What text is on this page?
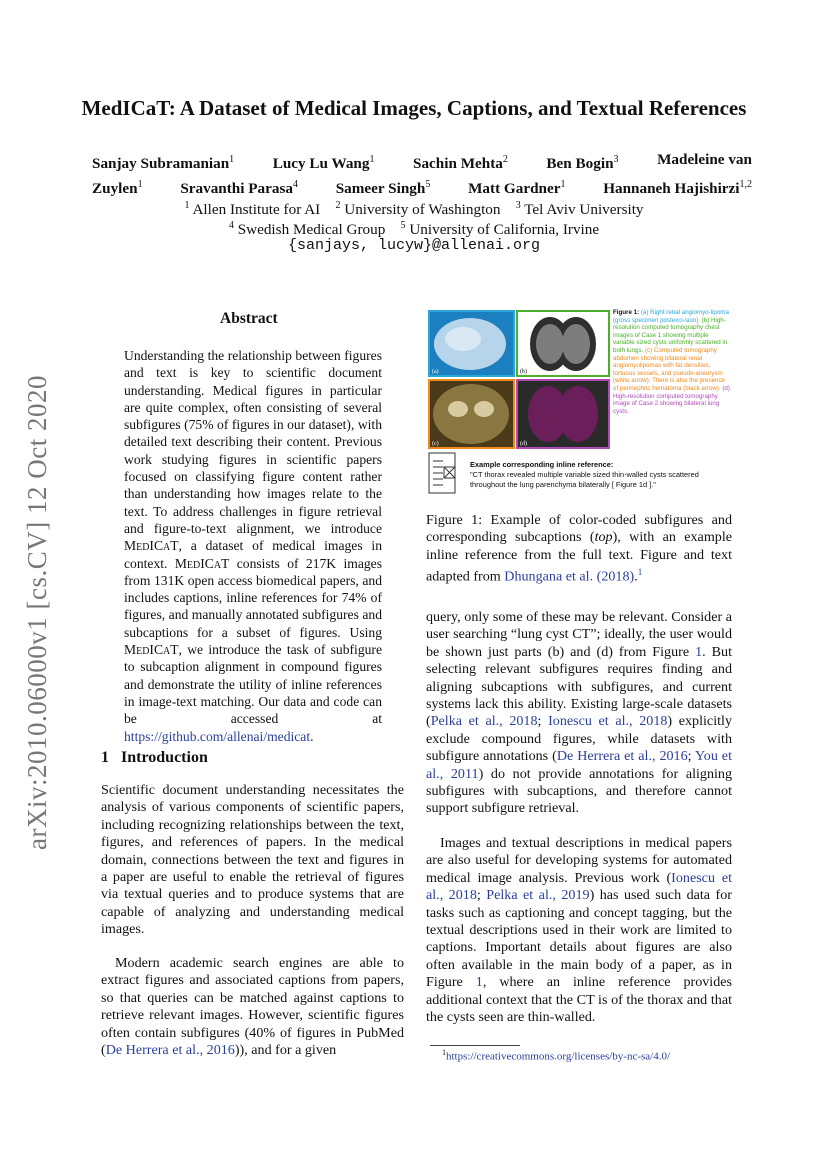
arXiv:2010.06000v1 [cs.CV] 12 Oct 2020
MedICaT: A Dataset of Medical Images, Captions, and Textual References
Sanjay Subramanian$^1$	Lucy Lu Wang$^1$	Sachin Mehta$^2$	Ben Bogin$^3$	Madeleine van
Zuylen$^1$ Sravanthi Parasa$^4$ Sameer Singh$^5$ Matt Gardner$^1$ Hannaneh Hajishirzi$^{1,2}$
$^1$ Allen Institute for AI $^2$ University of Washington $^3$ Tel Aviv University
$^4$ Swedish Medical Group $^5$ University of California, Irvine
{sanjays, lucyw}@allenai.org
Abstract
Understanding the relationship between figures and text is key to scientific document understanding. Medical figures in particular are quite complex, often consisting of several subfigures (75% of figures in our dataset), with detailed text describing their content. Previous work studying figures in scientific papers focused on classifying figure content rather than understanding how images relate to the text. To address challenges in figure retrieval and figure-to-text alignment, we introduce MedICaT, a dataset of medical images in context. MedICaT consists of 217K images from 131K open access biomedical papers, and includes captions, inline references for 74% of figures, and manually annotated subfigures and subcaptions for a subset of figures. Using MedICaT, we introduce the task of subfigure to subcaption alignment in compound figures and demonstrate the utility of inline references in image-text matching. Our data and code can be accessed at https://github.com/allenai/medicat.
1 Introduction
Scientific document understanding necessitates the analysis of various components of scientific papers, including recognizing relationships between the text, figures, and references of papers. In the medical domain, connections between the text and figures in a paper are useful to enable the retrieval of figures via textual queries and to produce systems that are capable of analyzing and understanding medical images.
Modern academic search engines are able to extract figures and associated captions from papers, so that queries can be matched against captions to retrieve relevant images. However, scientific figures often contain subfigures (40% of figures in PubMed (De Herrera et al., 2016)), and for a given
(a)	(b)
(c)	(d)
Figure 1: (a) Right renal angiomyo-lipoma (gross specimen postexci-sion). (b) High-resolution computed tomography chest images of Case 1 showing multiple variable sized cysts uniformly scattered in both lungs. (c) Computed tomography abdomen showing bilateral renal angiomyolipomas with fat densities, tortuous vessels, and pseudo-aneurysm (white arrow). There is also the presence of perinephric hematoma (black arrow). (d) High-resolution computed tomography image of Case 2 showing bilateral lung cysts.
Example corresponding inline reference:
"CT thorax revealed multiple variable sized thin-walled cysts scattered throughout the lung parenchyma bilaterally [ Figure 1d ]."
Figure 1: Example of color-coded subfigures and corresponding subcaptions (top), with an example inline reference from the full text. Figure and text adapted from Dhungana et al. (2018).$^1$
query, only some of these may be relevant. Consider a user searching “lung cyst CT”; ideally, the user would be shown just parts (b) and (d) from Figure 1. But selecting relevant subfigures requires finding and aligning subcaptions with subfigures, and current systems lack this ability. Existing large-scale datasets (Pelka et al., 2018; Ionescu et al., 2018) explicitly exclude compound figures, while datasets with subfigure annotations (De Herrera et al., 2016; You et al., 2011) do not provide annotations for aligning subfigures with subcaptions, and therefore cannot support subfigure retrieval.
Images and textual descriptions in medical papers are also useful for developing systems for automated medical image analysis. Previous work (Ionescu et al., 2018; Pelka et al., 2019) has used such data for tasks such as captioning and concept tagging, but the textual descriptions used in their work are limited to captions. Important details about figures are also often available in the main body of a paper, as in Figure 1, where an inline reference provides additional context that the CT is of the thorax and that the cysts seen are thin-walled.
$^1$https://creativecommons.org/licenses/by-nc-sa/4.0/
